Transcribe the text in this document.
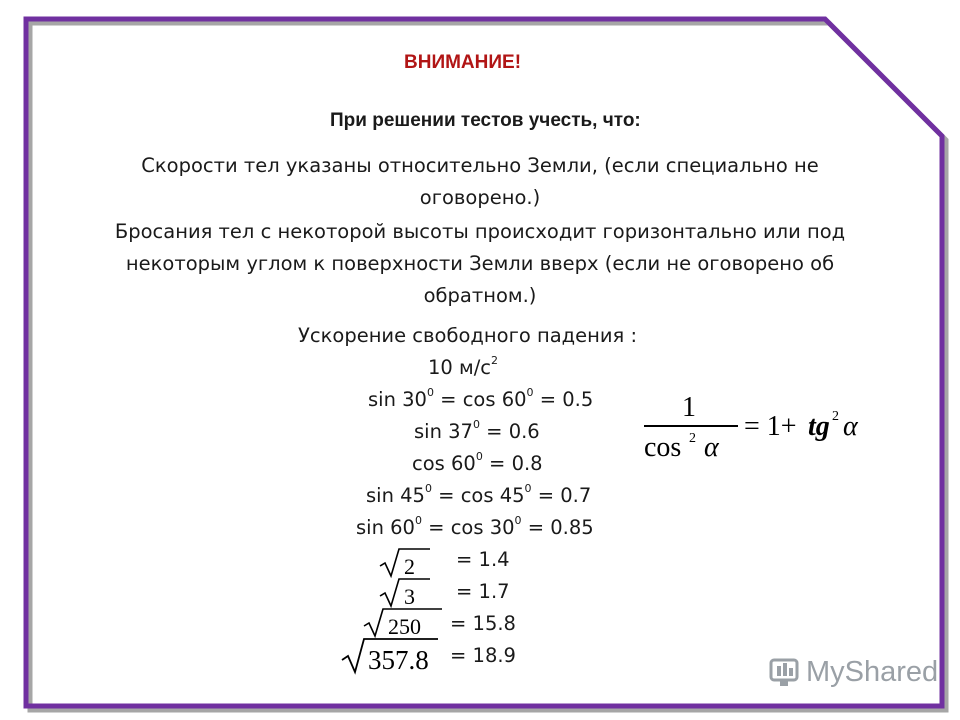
ВНИМАНИЕ!
При решении тестов учесть, что:
Скорости тел указаны относительно Земли, (если специально не
оговорено.)
Бросания тел с некоторой высоты происходит горизонтально или под
некоторым углом к поверхности Земли вверх (если не оговорено об
обратном.)
Ускорение свободного падения :
10 $м/с^2$
$\sin 30^0 = \cos 60^0 = 0.5$
$\sin 37^0 = 0.6$
$\cos 60^0 = 0.8$
$\sin 45^0 = \cos 45^0 = 0.7$
$\sin 60^0 = \cos 30^0 = 0.85$
2 = 1.4
3 = 1.7
250 = 15.8
357.8 = 18.9
1
cos 2 α
= 1+ tg 2 α
MyShared
